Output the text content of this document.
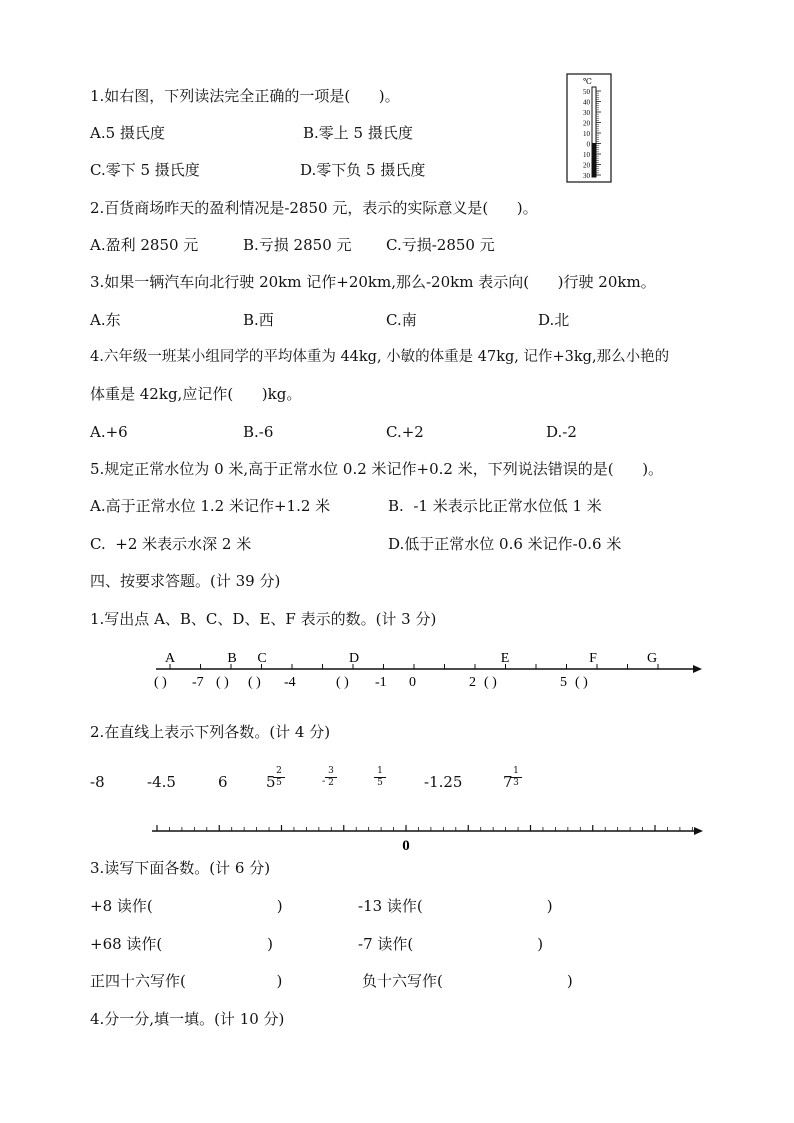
℃
50
40
30
20
10
0
10
20
30
1.如右图，下列读法完全正确的一项是(      )。
A.5 摄氏度	B.零上 5 摄氏度
C.零下 5 摄氏度	D.零下负 5 摄氏度
2.百货商场昨天的盈利情况是-2850 元，表示的实际意义是(      )。
A.盈利 2850 元	B.亏损 2850 元 C.亏损-2850 元
3.如果一辆汽车向北行驶 20km 记作+20km,那么-20km 表示向(      )行驶 20km。
A.东	B.西	C.南	D.北
4.六年级一班某小组同学的平均体重为 44kg, 小敏的体重是 47kg, 记作+3kg,那么小艳的
体重是 42kg,应记作(      )kg。
A.+6	B.-6	C.+2	D.-2
5.规定正常水位为 0 米,高于正常水位 0.2 米记作+0.2 米，下列说法错误的是(      )。
A.高于正常水位 1.2 米记作+1.2 米	B.  -1 米表示比正常水位低 1 米
C.  +2 米表示水深 2 米	D.低于正常水位 0.6 米记作-0.6 米
四、按要求答题。(计 39 分)
1.写出点 A、B、C、D、E、F 表示的数。(计 3 分)
A	B C	D	E	F	G
( ) -7 ( ) ( ) -4	( ) -1 0	2 ( )	5 ( )
2.在直线上表示下列各数。(计 4 分)
-8	-4.5	6	5
2
5	-
3
2
1
5	-1.25	7
1
3
0
3.读写下面各数。(计 6 分)
+8 读作(                          )	-13 读作(                          )
+68 读作(                      )	-7 读作(                          )
正四十六写作(                   )	负十六写作(                          )
4.分一分,填一填。(计 10 分)
